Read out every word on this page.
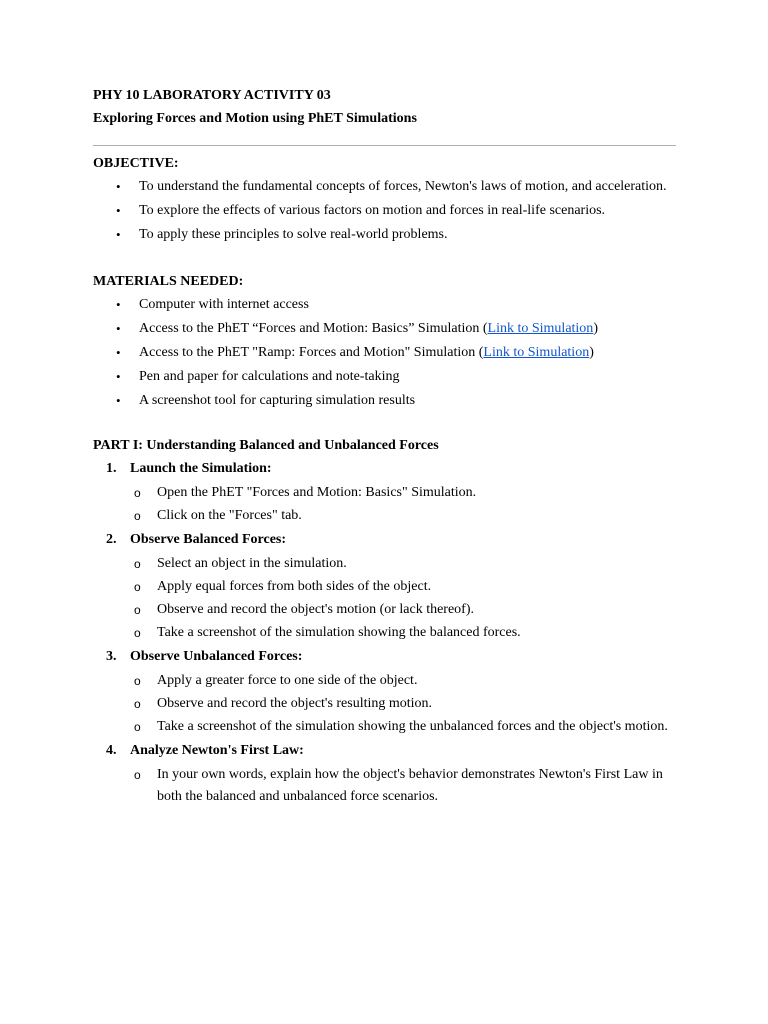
PHY 10 LABORATORY ACTIVITY 03

Exploring Forces and Motion using PhET Simulations

OBJECTIVE:

• To understand the fundamental concepts of forces, Newton's laws of motion, and acceleration.
• To explore the effects of various factors on motion and forces in real-life scenarios.
• To apply these principles to solve real-world problems.

MATERIALS NEEDED:

• Computer with internet access
• Access to the PhET “Forces and Motion: Basics” Simulation (Link to Simulation)
• Access to the PhET "Ramp: Forces and Motion" Simulation (Link to Simulation)
• Pen and paper for calculations and note-taking
• A screenshot tool for capturing simulation results

PART I: Understanding Balanced and Unbalanced Forces

1. Launch the Simulation:
o Open the PhET "Forces and Motion: Basics" Simulation.
o Click on the "Forces" tab.
2. Observe Balanced Forces:
o Select an object in the simulation.
o Apply equal forces from both sides of the object.
o Observe and record the object's motion (or lack thereof).
o Take a screenshot of the simulation showing the balanced forces.
3. Observe Unbalanced Forces:
o Apply a greater force to one side of the object.
o Observe and record the object's resulting motion.
o Take a screenshot of the simulation showing the unbalanced forces and the object's motion.
4. Analyze Newton's First Law:
o In your own words, explain how the object's behavior demonstrates Newton's First Law in both the balanced and unbalanced force scenarios.
